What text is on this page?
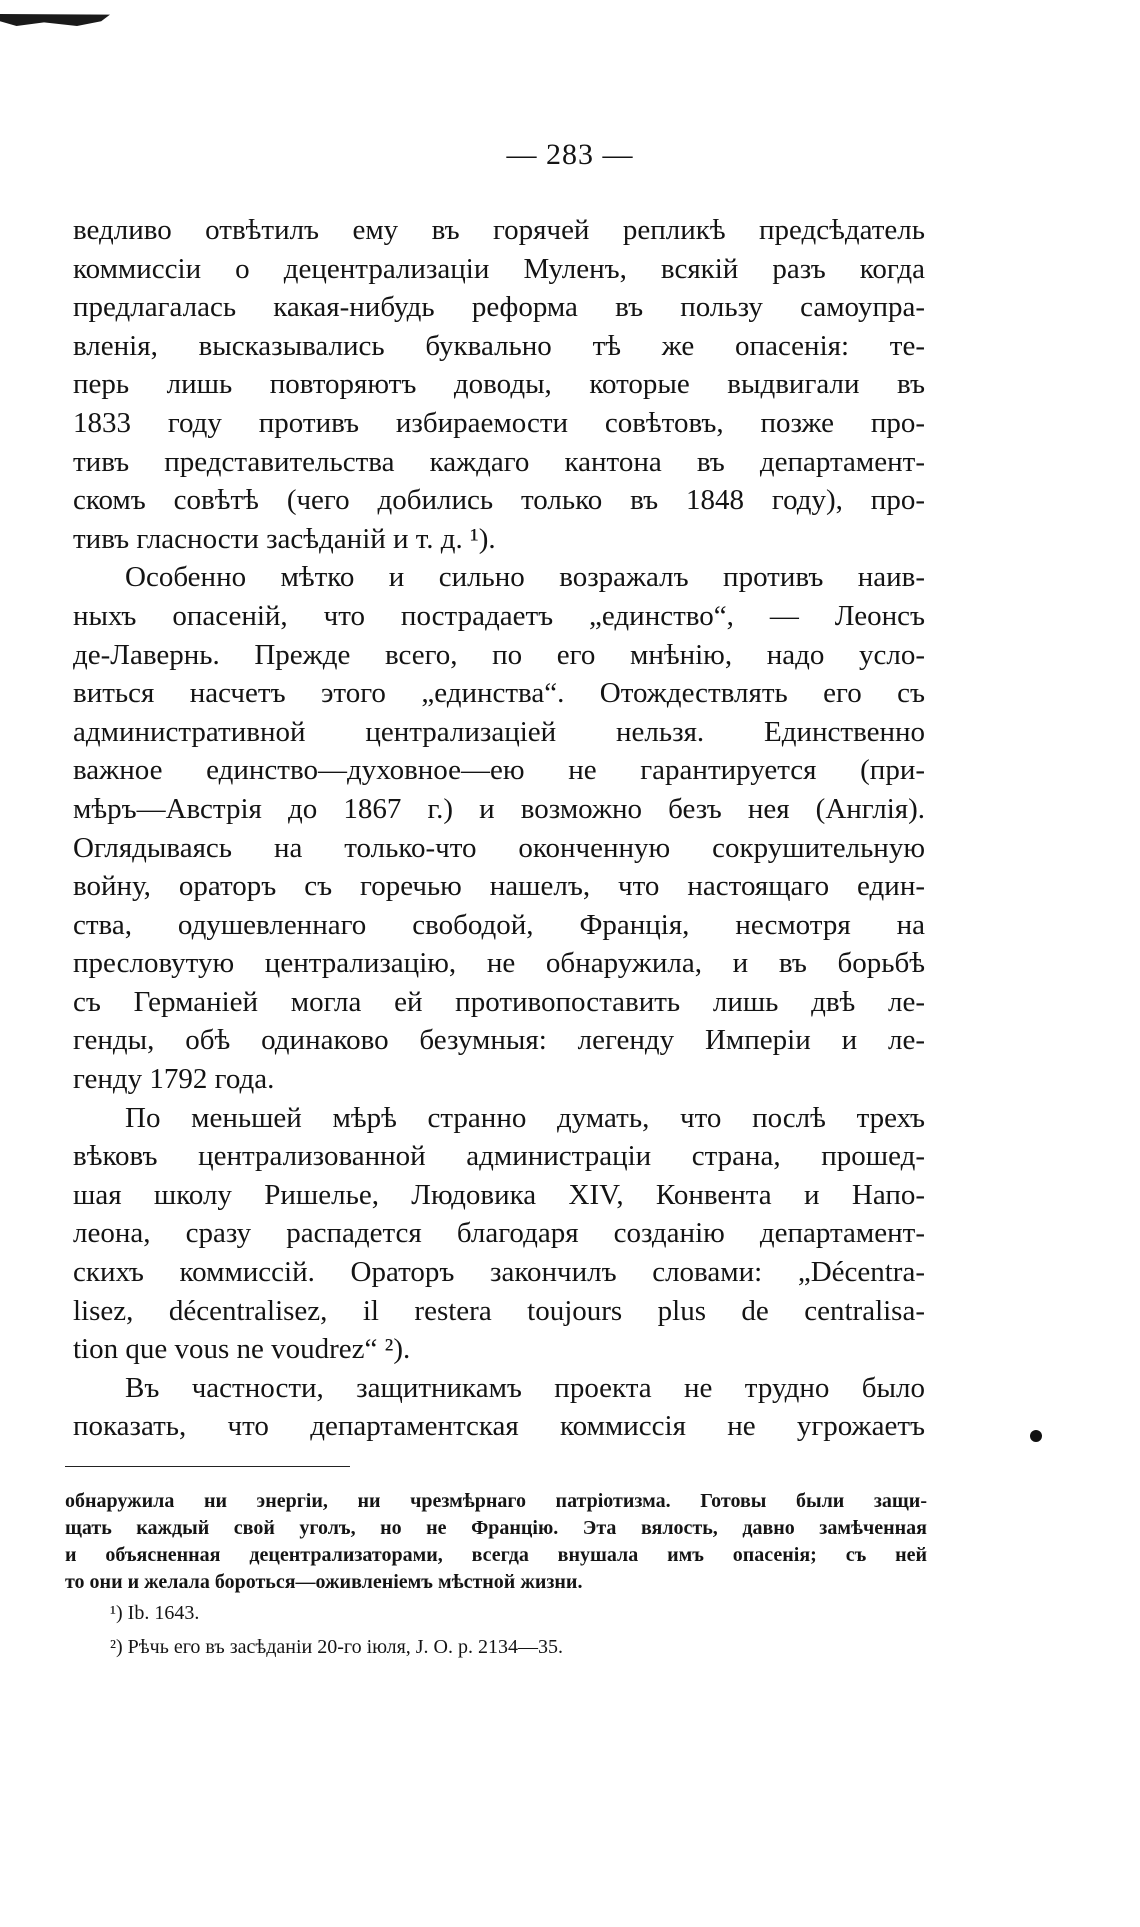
— 283 —
ведливо отвѣтилъ ему въ горячей репликѣ предсѣдатель
коммиссіи о децентрализаціи Муленъ, всякій разъ когда
предлагалась какая-нибудь реформа въ пользу самоупра-
вленія, высказывались буквально тѣ же опасенія: те-
перь лишь повторяютъ доводы, которые выдвигали въ
1833 году противъ избираемости совѣтовъ, позже про-
тивъ представительства каждаго кантона въ департамент-
скомъ совѣтѣ (чего добились только въ 1848 году), про-
тивъ гласности засѣданій и т. д. ¹).
Особенно мѣтко и сильно возражалъ противъ наив-
ныхъ опасеній, что пострадаетъ „единство“, — Леонсъ
де-Лавернь. Прежде всего, по его мнѣнію, надо усло-
виться насчетъ этого „единства“. Отождествлять его съ
административной централизаціей нельзя. Единственно
важное единство—духовное—ею не гарантируется (при-
мѣръ—Австрія до 1867 г.) и возможно безъ нея (Англія).
Оглядываясь на только-что оконченную сокрушительную
войну, ораторъ съ горечью нашелъ, что настоящаго един-
ства, одушевленнаго свободой, Франція, несмотря на
пресловутую централизацію, не обнаружила, и въ борьбѣ
съ Германіей могла ей противопоставить лишь двѣ ле-
генды, обѣ одинаково безумныя: легенду Имперіи и ле-
генду 1792 года.
По меньшей мѣрѣ странно думать, что послѣ трехъ
вѣковъ централизованной администраціи страна, прошед-
шая школу Ришелье, Людовика XIV, Конвента и Напо-
леона, сразу распадется благодаря созданію департамент-
скихъ коммиссій. Ораторъ закончилъ словами: „Décentra-
lisez, décentralisez, il restera toujours plus de centralisa-
tion que vous ne voudrez“ ²).
Въ частности, защитникамъ проекта не трудно было
показать, что департаментская коммиссія не угрожаетъ
обнаружила ни энергіи, ни чрезмѣрнаго патріотизма. Готовы были защи-
щать каждый свой уголъ, но не Францію. Эта вялость, давно замѣченная
и объясненная децентрализаторами, всегда внушала имъ опасенія; съ ней
то они и желала бороться—оживленіемъ мѣстной жизни.
¹) Ib. 1643.
²) Рѣчь его въ засѣданіи 20-го іюля, J. O. p. 2134—35.
